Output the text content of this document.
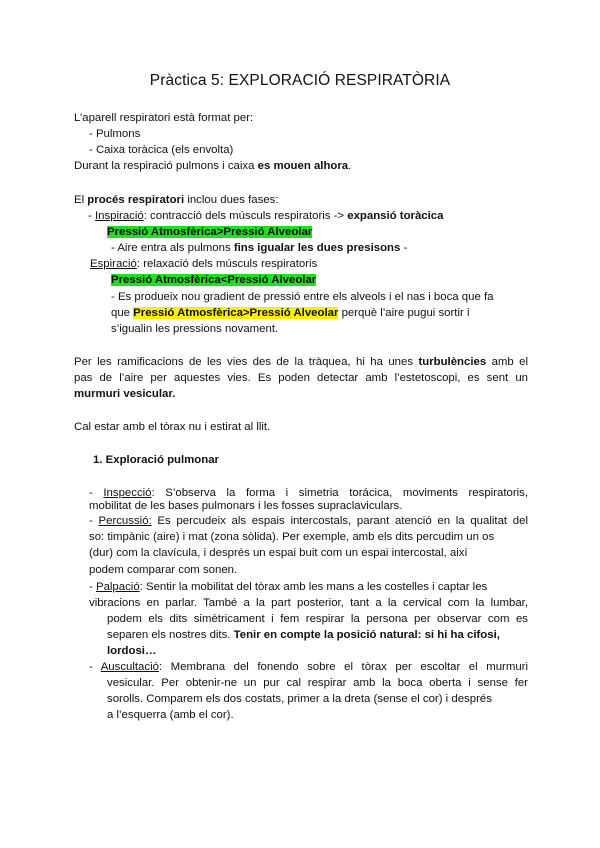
Pràctica 5: EXPLORACIÓ RESPIRATÒRIA
L’aparell respiratori està format per:
- Pulmons
- Caixa toràcica (els envolta)
Durant la respiració pulmons i caixa es mouen alhora.
El procés respiratori inclou dues fases:
- Inspiració: contracció dels músculs respiratoris -> expansió toràcica
Pressió Atmosfèrica>Pressió Alveolar
- Aire entra als pulmons fins igualar les dues presisons -
Espiració: relaxació dels músculs respiratoris
Pressió Atmosfèrica<Pressió Alveolar
- Es produeix nou gradient de pressió entre els alveols i el nas i boca que fa
que Pressió Atmosfèrica>Pressió Alveolar perquè l’aire pugui sortir i
s’igualin les pressions novament.
Per les ramificacions de les vies des de la tràquea, hi ha unes turbulències amb el
pas de l’aire per aquestes vies. Es poden detectar amb l’estetoscopi, es sent un
murmuri vesicular.
Cal estar amb el tòrax nu i estirat al llit.
1. Exploració pulmonar
- Inspecció: S’observa la forma i simetria torácica, moviments respiratoris,
mobilitat de les bases pulmonars i les fosses supraclaviculars.
- Percussió: Es percudeix als espais intercostals, parant atenció en la qualitat del
so: timpànic (aire) i mat (zona sòlida). Per exemple, amb els dits percudim un os
(dur) com la clavícula, i després un espai buit com un espai intercostal, així
podem comparar com sonen.
- Palpació: Sentir la mobilitat del tòrax amb les mans a les costelles i captar les
vibracions en parlar. També a la part posterior, tant a la cervical com la lumbar,
podem els dits simètricament i fem respirar la persona per observar com es
separen els nostres dits. Tenir en compte la posició natural: si hi ha cifosi,
lordosi…
- Auscultació: Membrana del fonendo sobre el tòrax per escoltar el murmuri
vesicular. Per obtenir-ne un pur cal respirar amb la boca oberta i sense fer
sorolls. Comparem els dos costats, primer a la dreta (sense el cor) i després
a l’esquerra (amb el cor).
